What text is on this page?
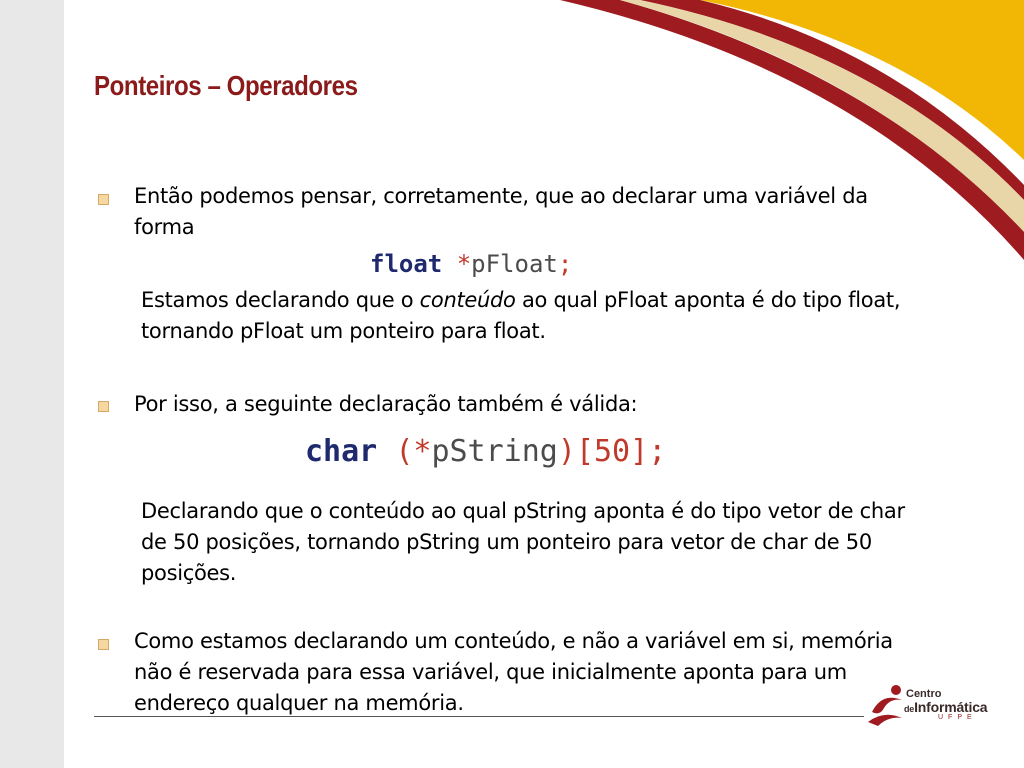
Ponteiros – Operadores
Então podemos pensar, corretamente, que ao declarar uma variável da
forma
float *pFloat;
Estamos declarando que o conteúdo ao qual pFloat aponta é do tipo float,
tornando pFloat um ponteiro para float.
Por isso, a seguinte declaração também é válida:
char (*pString)[50];
Declarando que o conteúdo ao qual pString aponta é do tipo vetor de char
de 50 posições, tornando pString um ponteiro para vetor de char de 50
posições.
Como estamos declarando um conteúdo, e não a variável em si, memória
não é reservada para essa variável, que inicialmente aponta para um
endereço qualquer na memória.	Centro
deInformática
UFPE
